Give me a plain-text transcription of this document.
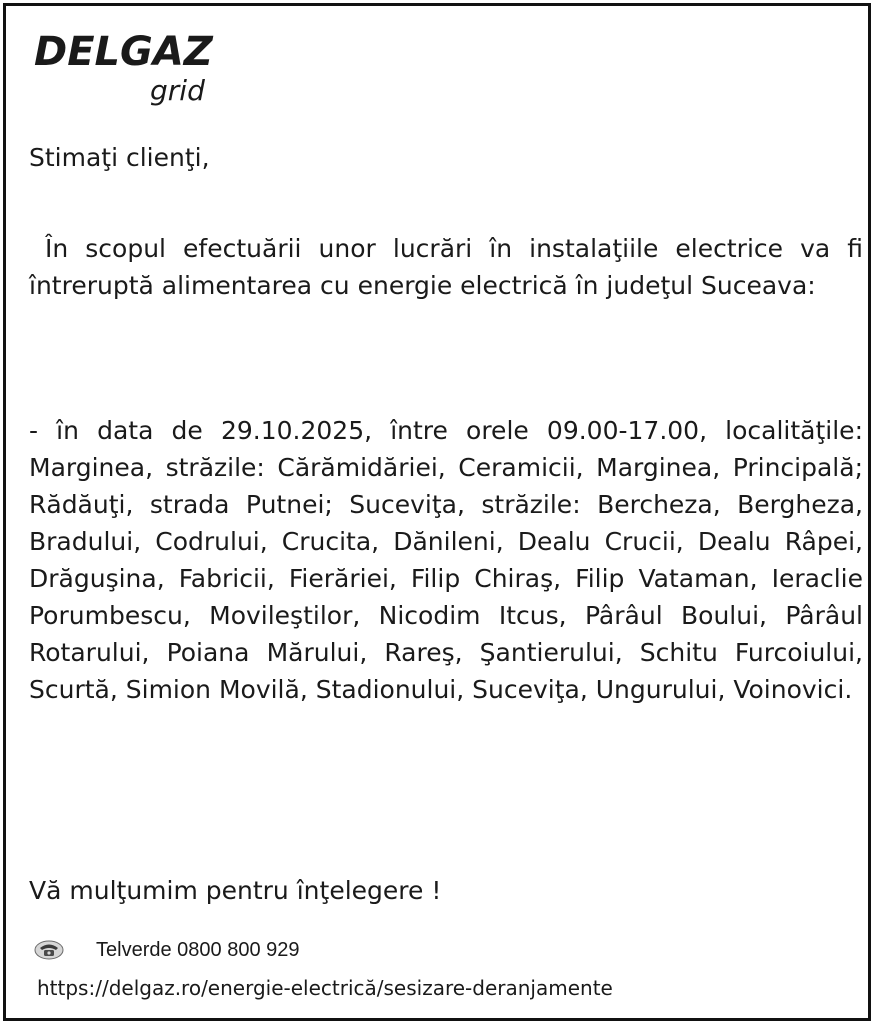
DELGAZ
grid
Stimaţi clienţi,
În scopul efectuării unor lucrări în instalaţiile electrice va fi întreruptă alimentarea cu energie electrică în judeţul Suceava:
- în data de 29.10.2025, între orele 09.00-17.00, localităţile: Marginea, străzile: Cărămidăriei, Ceramicii, Marginea, Principală; Rădăuţi, strada Putnei; Suceviţa, străzile: Bercheza, Bergheza, Bradului, Codrului, Crucita, Dănileni, Dealu Crucii, Dealu Râpei, Drăguşina, Fabricii, Fierăriei, Filip Chiraş, Filip Vataman, Ieraclie Porumbescu, Movileştilor, Nicodim Itcus, Pârâul Boului, Pârâul Rotarului, Poiana Mărului, Rareş, Şantierului, Schitu Furcoiului, Scurtă, Simion Movilă, Stadionului, Suceviţa, Ungurului, Voinovici.
Vă mulţumim pentru înţelegere !
Telverde 0800 800 929
https://delgaz.ro/energie-electrică/sesizare-deranjamente
